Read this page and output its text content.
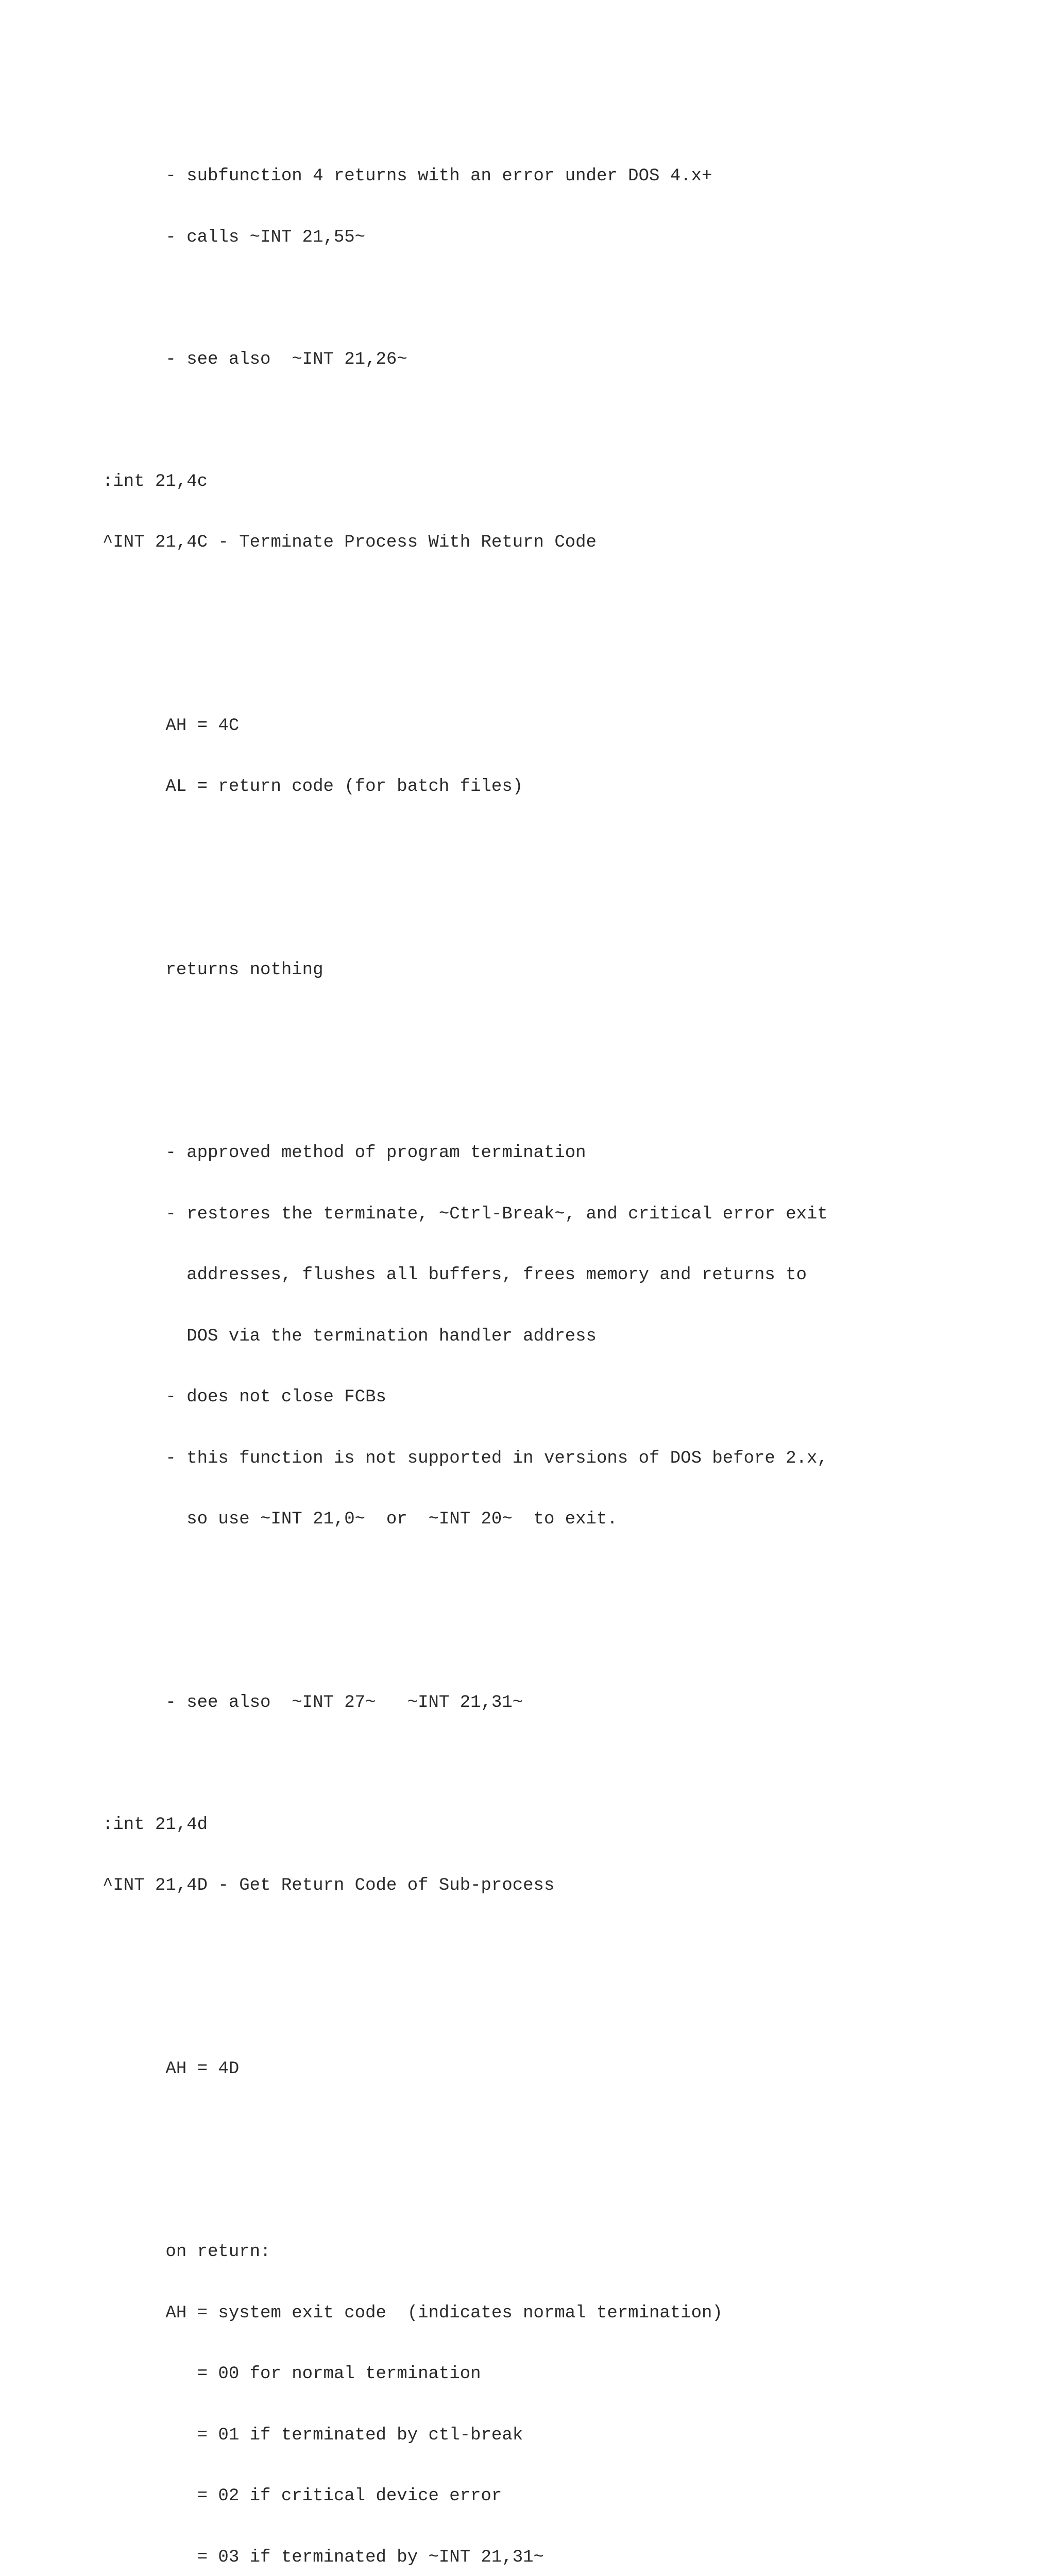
- subfunction 4 returns with an error under DOS 4.x+

- calls ~INT 21,55~

- see also  ~INT 21,26~

:int 21,4c

^INT 21,4C - Terminate Process With Return Code

AH = 4C

AL = return code (for batch files)

returns nothing

- approved method of program termination

- restores the terminate, ~Ctrl-Break~, and critical error exit

addresses, flushes all buffers, frees memory and returns to

DOS via the termination handler address

- does not close FCBs

- this function is not supported in versions of DOS before 2.x,

so use ~INT 21,0~  or  ~INT 20~  to exit.

- see also  ~INT 27~   ~INT 21,31~

:int 21,4d

^INT 21,4D - Get Return Code of Sub-process

AH = 4D

on return:

AH = system exit code  (indicates normal termination)

= 00 for normal termination

= 01 if terminated by ctl-break

= 02 if critical device error

= 03 if terminated by ~INT 21,31~
